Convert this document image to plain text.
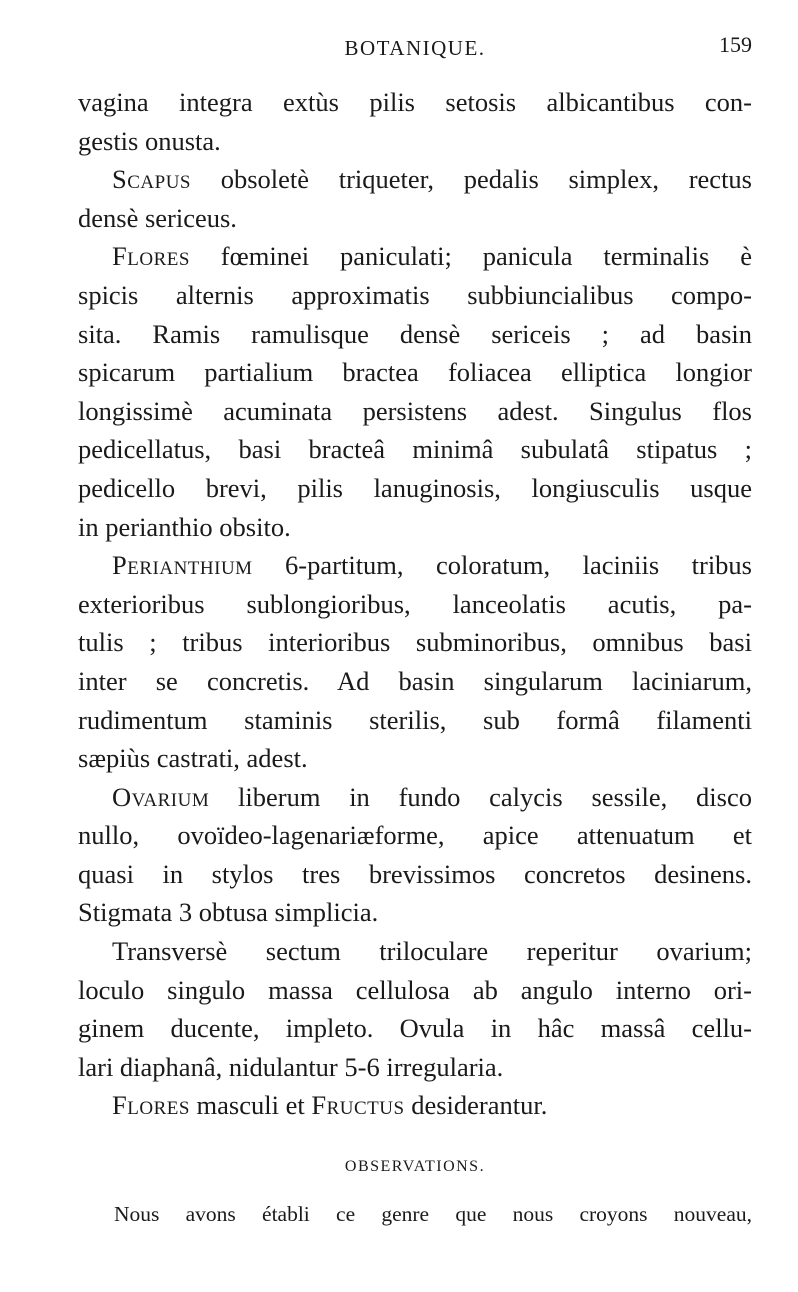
BOTANIQUE.	159
vagina integra extùs pilis setosis albicantibus con-
gestis onusta.
Scapus obsoletè triqueter, pedalis simplex, rectus
densè sericeus.
Flores fœminei paniculati; panicula terminalis è
spicis alternis approximatis subbiuncialibus compo-
sita. Ramis ramulisque densè sericeis ; ad basin
spicarum partialium bractea foliacea elliptica longior
longissimè acuminata persistens adest. Singulus flos
pedicellatus, basi bracteâ minimâ subulatâ stipatus ;
pedicello brevi, pilis lanuginosis, longiusculis usque
in perianthio obsito.
Perianthium 6-partitum, coloratum, laciniis tribus
exterioribus sublongioribus, lanceolatis acutis, pa-
tulis ; tribus interioribus subminoribus, omnibus basi
inter se concretis. Ad basin singularum laciniarum,
rudimentum staminis sterilis, sub formâ filamenti
sæpiùs castrati, adest.
Ovarium liberum in fundo calycis sessile, disco
nullo, ovoïdeo-lagenariæforme, apice attenuatum et
quasi in stylos tres brevissimos concretos desinens.
Stigmata 3 obtusa simplicia.
Transversè sectum triloculare reperitur ovarium;
loculo singulo massa cellulosa ab angulo interno ori-
ginem ducente, impleto. Ovula in hâc massâ cellu-
lari diaphanâ, nidulantur 5-6 irregularia.
Flores masculi et Fructus desiderantur.
OBSERVATIONS.
Nous avons établi ce genre que nous croyons nouveau,
